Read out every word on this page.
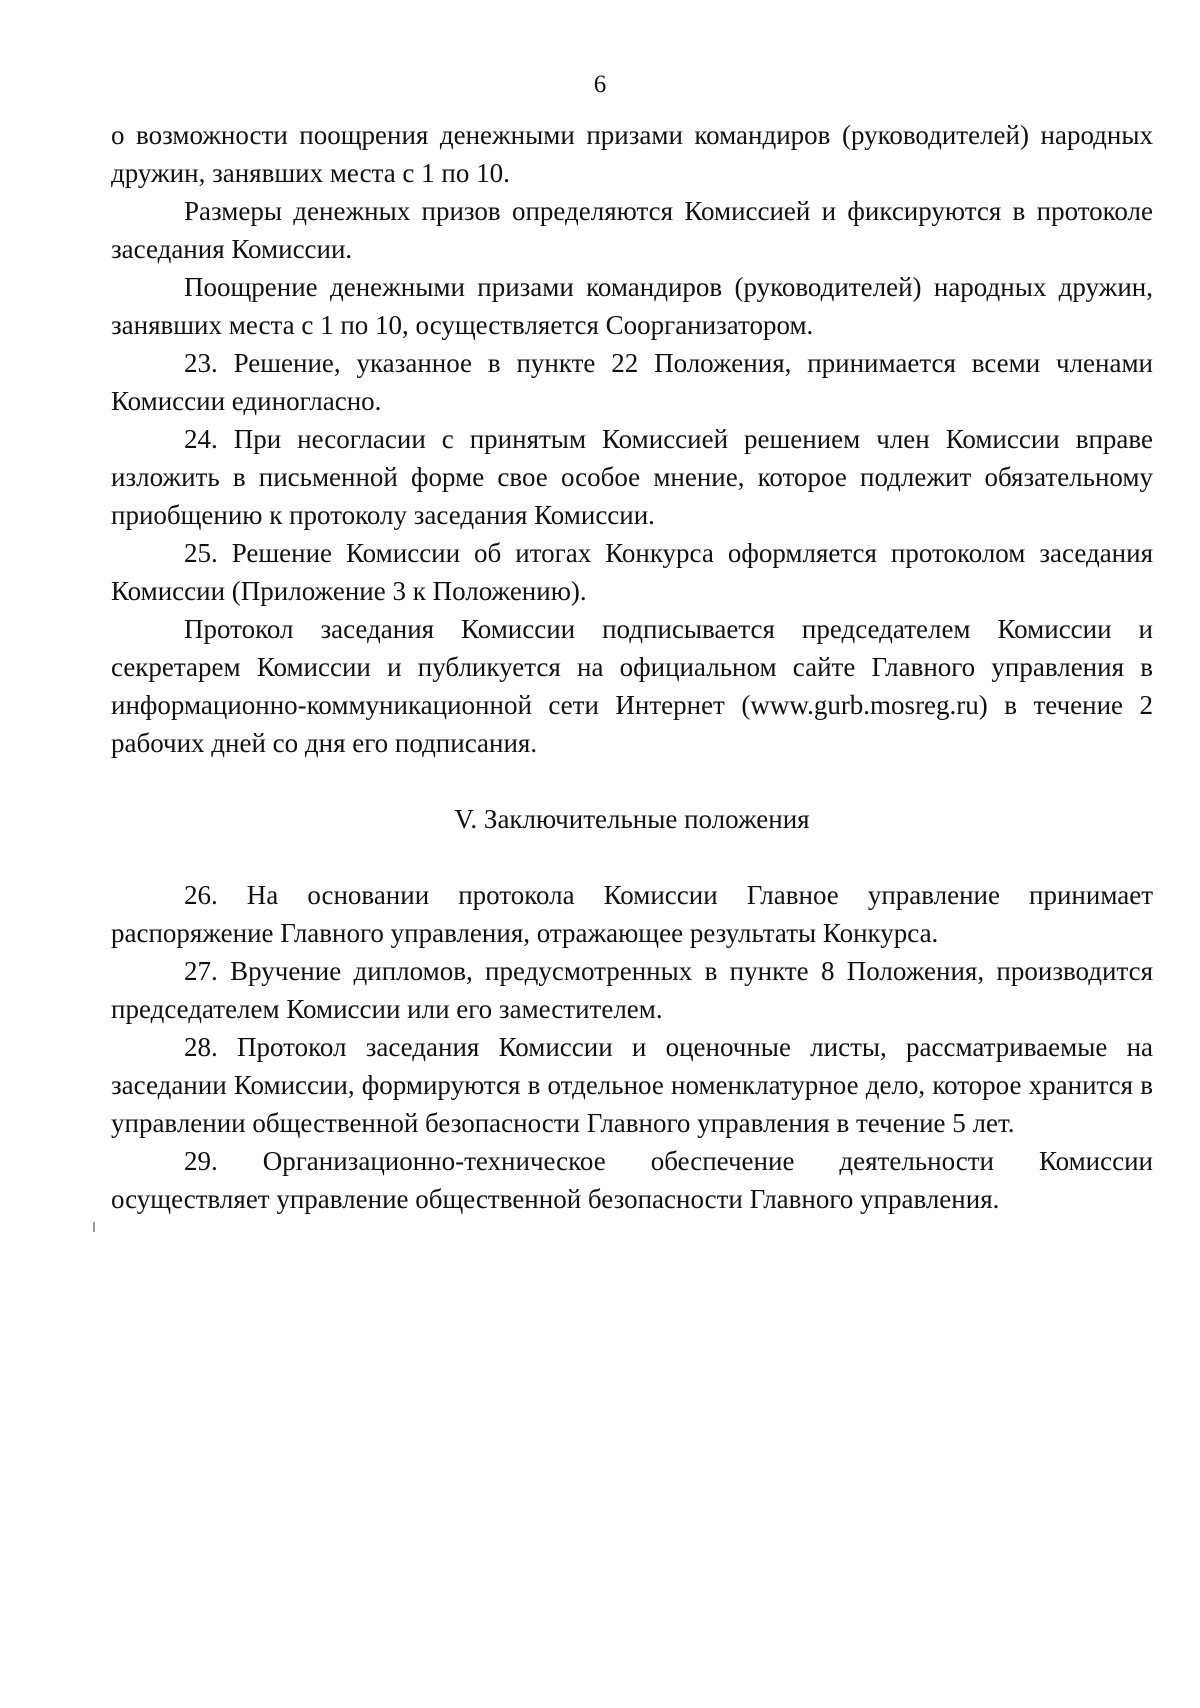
6

о возможности поощрения денежными призами командиров (руководителей) народных дружин, занявших места с 1 по 10.

Размеры денежных призов определяются Комиссией и фиксируются в протоколе заседания Комиссии.

Поощрение денежными призами командиров (руководителей) народных дружин, занявших места с 1 по 10, осуществляется Соорганизатором.

23. Решение, указанное в пункте 22 Положения, принимается всеми членами Комиссии единогласно.

24. При несогласии с принятым Комиссией решением член Комиссии вправе изложить в письменной форме свое особое мнение, которое подлежит обязательному приобщению к протоколу заседания Комиссии.

25. Решение Комиссии об итогах Конкурса оформляется протоколом заседания Комиссии (Приложение 3 к Положению).

Протокол заседания Комиссии подписывается председателем Комиссии и секретарем Комиссии и публикуется на официальном сайте Главного управления в информационно-коммуникационной сети Интернет (www.gurb.mosreg.ru) в течение 2 рабочих дней со дня его подписания.

V. Заключительные положения

26. На основании протокола Комиссии Главное управление принимает распоряжение Главного управления, отражающее результаты Конкурса.

27. Вручение дипломов, предусмотренных в пункте 8 Положения, производится председателем Комиссии или его заместителем.

28. Протокол заседания Комиссии и оценочные листы, рассматриваемые на заседании Комиссии, формируются в отдельное номенклатурное дело, которое хранится в управлении общественной безопасности Главного управления в течение 5 лет.

29. Организационно-техническое обеспечение деятельности Комиссии осуществляет управление общественной безопасности Главного управления.
